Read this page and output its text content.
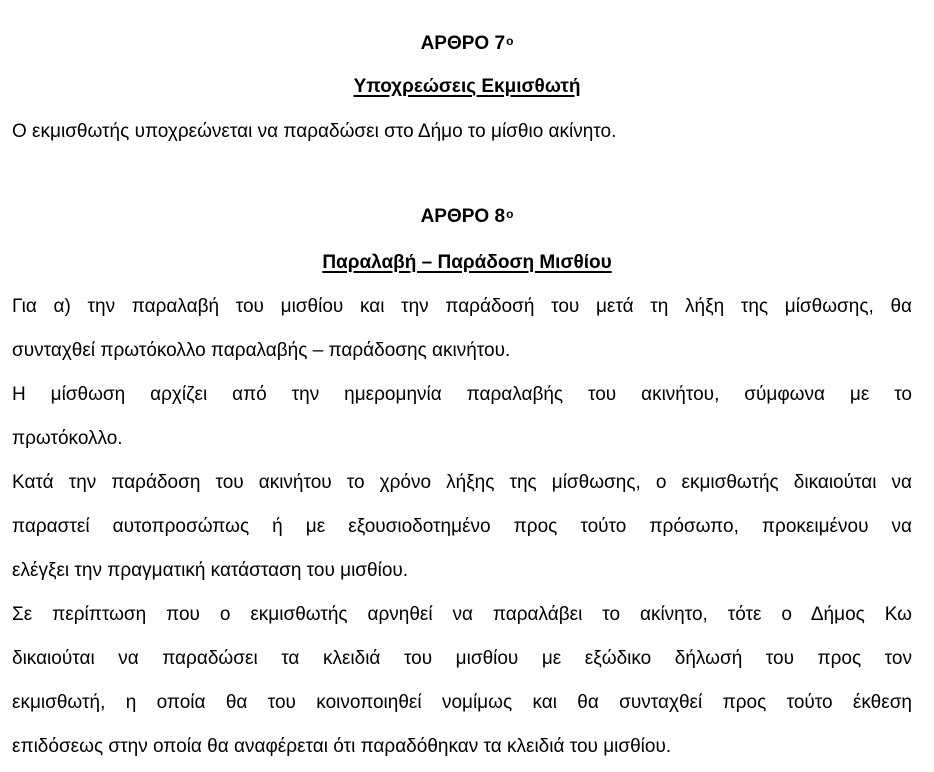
ΑΡΘΡΟ $7^o$
Υποχρεώσεις Εκμισθωτή

Ο εκμισθωτής υποχρεώνεται να παραδώσει στο Δήμο το μίσθιο ακίνητο.

ΑΡΘΡΟ $8^o$
Παραλαβή – Παράδοση Μισθίου

Για α) την παραλαβή του μισθίου και την παράδοσή του μετά τη λήξη της μίσθωσης, θα
συνταχθεί πρωτόκολλο παραλαβής – παράδοσης ακινήτου.

Η μίσθωση αρχίζει από την ημερομηνία παραλαβής του ακινήτου, σύμφωνα με το
πρωτόκολλο.

Κατά την παράδοση του ακινήτου το χρόνο λήξης της μίσθωσης, ο εκμισθωτής δικαιούται να
παραστεί αυτοπροσώπως ή με εξουσιοδοτημένο προς τούτο πρόσωπο, προκειμένου να
ελέγξει την πραγματική κατάσταση του μισθίου.

Σε περίπτωση που ο εκμισθωτής αρνηθεί να παραλάβει το ακίνητο, τότε ο Δήμος Κω
δικαιούται να παραδώσει τα κλειδιά του μισθίου με εξώδικο δήλωσή του προς τον
εκμισθωτή, η οποία θα του κοινοποιηθεί νομίμως και θα συνταχθεί προς τούτο έκθεση
επιδόσεως στην οποία θα αναφέρεται ότι παραδόθηκαν τα κλειδιά του μισθίου.
